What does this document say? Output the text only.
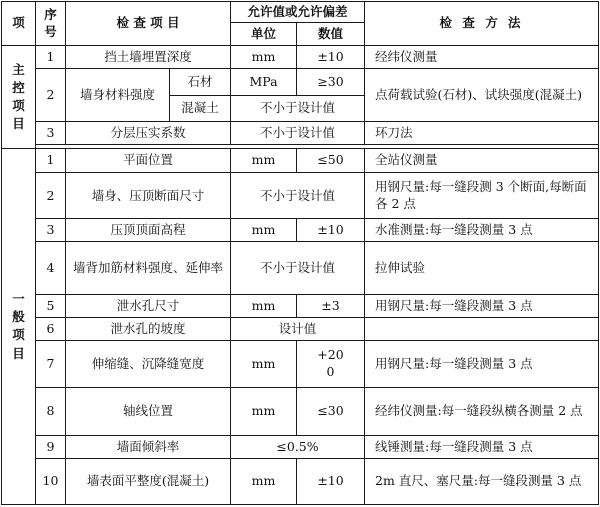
项	序号	检 查 项 目		允许值或允许偏差		检 查 方 法
				单位	数值	

主
控
项
目	1	挡土墙埋置深度		mm	±10	经纬仪测量
	2	墙身材料强度	石材	MPa	≥30	点荷载试验(石材)、试块强度(混凝土)
			混凝土	不小于设计值		
	3	分层压实系数		不小于设计值		环刀法

一
般
项
目	1	平面位置		mm	≤50	全站仪测量
	2	墙身、压顶断面尺寸		不小于设计值		用钢尺量:每一缝段测 3 个断面,每断面各 2 点
	3	压顶顶面高程		mm	±10	水准测量:每一缝段测量 3 点
	4	墙背加筋材料强度、延伸率		不小于设计值		拉伸试验
	5	泄水孔尺寸		mm	±3	用钢尺量:每一缝段测量 3 点
	6	泄水孔的坡度		设计值		
	7	伸缩缝、沉降缝宽度		mm	+20 0	用钢尺量:每一缝段测量 3 点
	8	轴线位置		mm	≤30	经纬仪测量:每一缝段纵横各测量 2 点
	9	墙面倾斜率		≤0.5%		线锤测量:每一缝段测量 3 点
	10	墙表面平整度(混凝土)		mm	±10	2m 直尺、塞尺量:每一缝段测量 3 点
